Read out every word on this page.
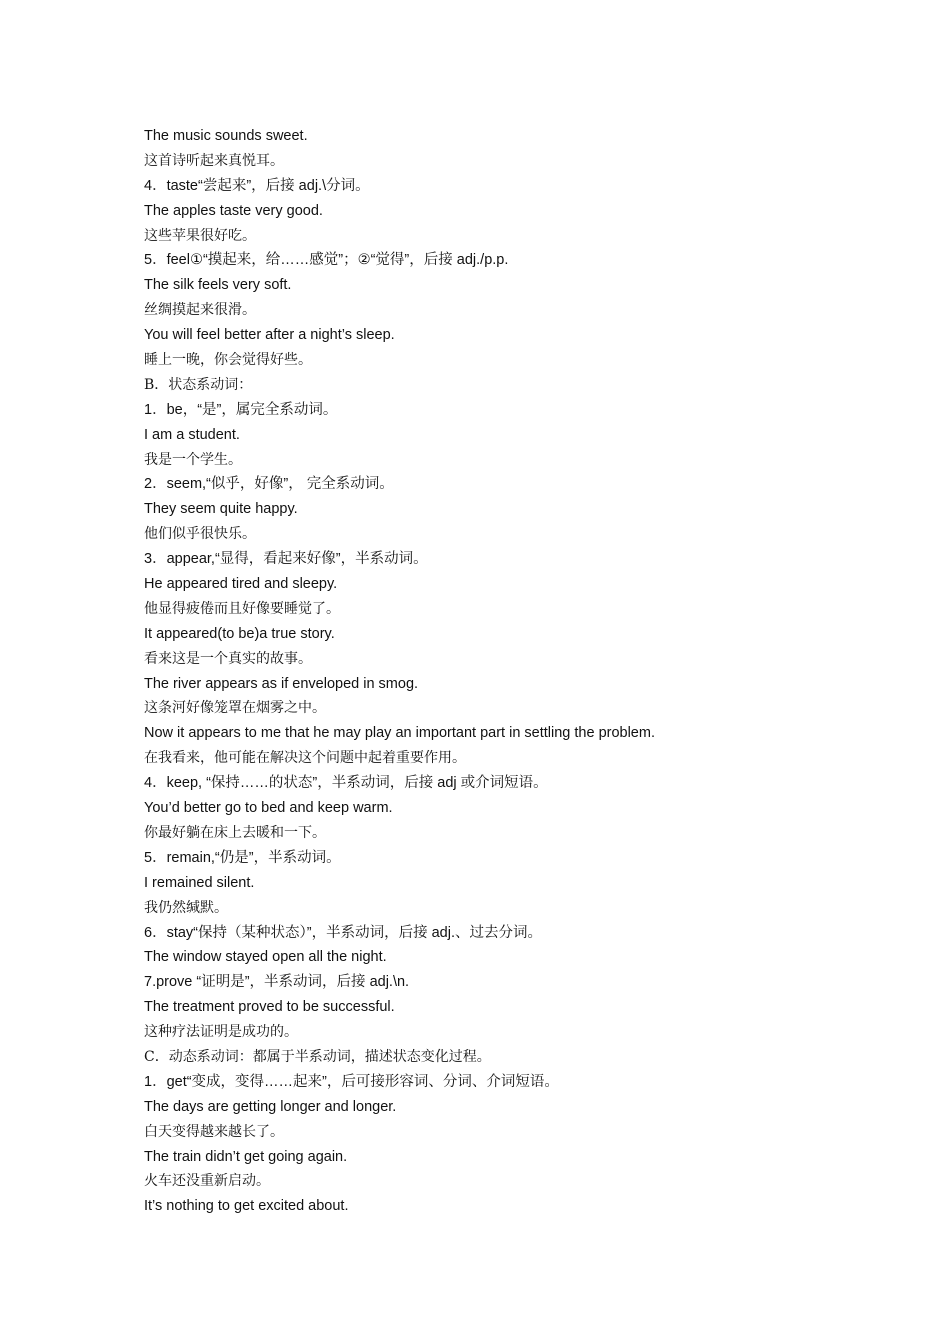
The music sounds sweet.
这首诗听起来真悦耳。
4．taste“尝起来”，后接 adj.\分词。
The apples taste very good.
这些苹果很好吃。
5．feel①“摸起来，给……感觉”；②“觉得”，后接 adj./p.p.
The silk feels very soft.
丝绸摸起来很滑。
You will feel better after a night’s sleep.
睡上一晚，你会觉得好些。
B．状态系动词：
1．be，“是”，属完全系动词。
I am a student.
我是一个学生。
2．seem,“似乎，好像”， 完全系动词。
They seem quite happy.
他们似乎很快乐。
3．appear,“显得，看起来好像”，半系动词。
He appeared tired and sleepy.
他显得疲倦而且好像要睡觉了。
It appeared(to be)a true story.
看来这是一个真实的故事。
The river appears as if enveloped in smog.
这条河好像笼罩在烟雾之中。
Now it appears to me that he may play an important part in settling the problem.
在我看来，他可能在解决这个问题中起着重要作用。
4．keep, “保持……的状态”，半系动词，后接 adj 或介词短语。
You’d better go to bed and keep warm.
你最好躺在床上去暖和一下。
5．remain,“仍是”，半系动词。
I remained silent.
我仍然缄默。
6．stay“保持（某种状态）”，半系动词，后接 adj.、过去分词。
The window stayed open all the night.
7.prove “证明是”，半系动词，后接 adj.\n.
The treatment proved to be successful.
这种疗法证明是成功的。
C．动态系动词：都属于半系动词，描述状态变化过程。
1．get“变成，变得……起来”，后可接形容词、分词、介词短语。
The days are getting longer and longer.
白天变得越来越长了。
The train didn’t get going again.
火车还没重新启动。
It’s nothing to get excited about.
